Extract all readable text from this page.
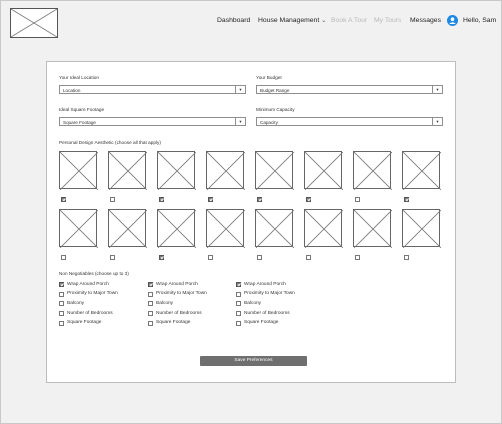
Dashboard House Management ⌄ Book A Tour My Tours Messages	Hello, Sam
Your Ideal Location
Location	▾
Your Budget
Budget Range	▾
Ideal Square Footage
Square Footage	▾
Minimum Capacity
Capacity	▾
Personal Design Aesthetic (choose all that apply)
Non Negotiables (choose up to 3)
Save Preferences
Wrap Around Porch
Proximity to Major Town
Balcony
Number of Bedrooms
Square Footage
Wrap Around Porch
Proximity to Major Town
Balcony
Number of Bedrooms
Square Footage
Wrap Around Porch
Proximity to Major Town
Balcony
Number of Bedrooms
Square Footage
